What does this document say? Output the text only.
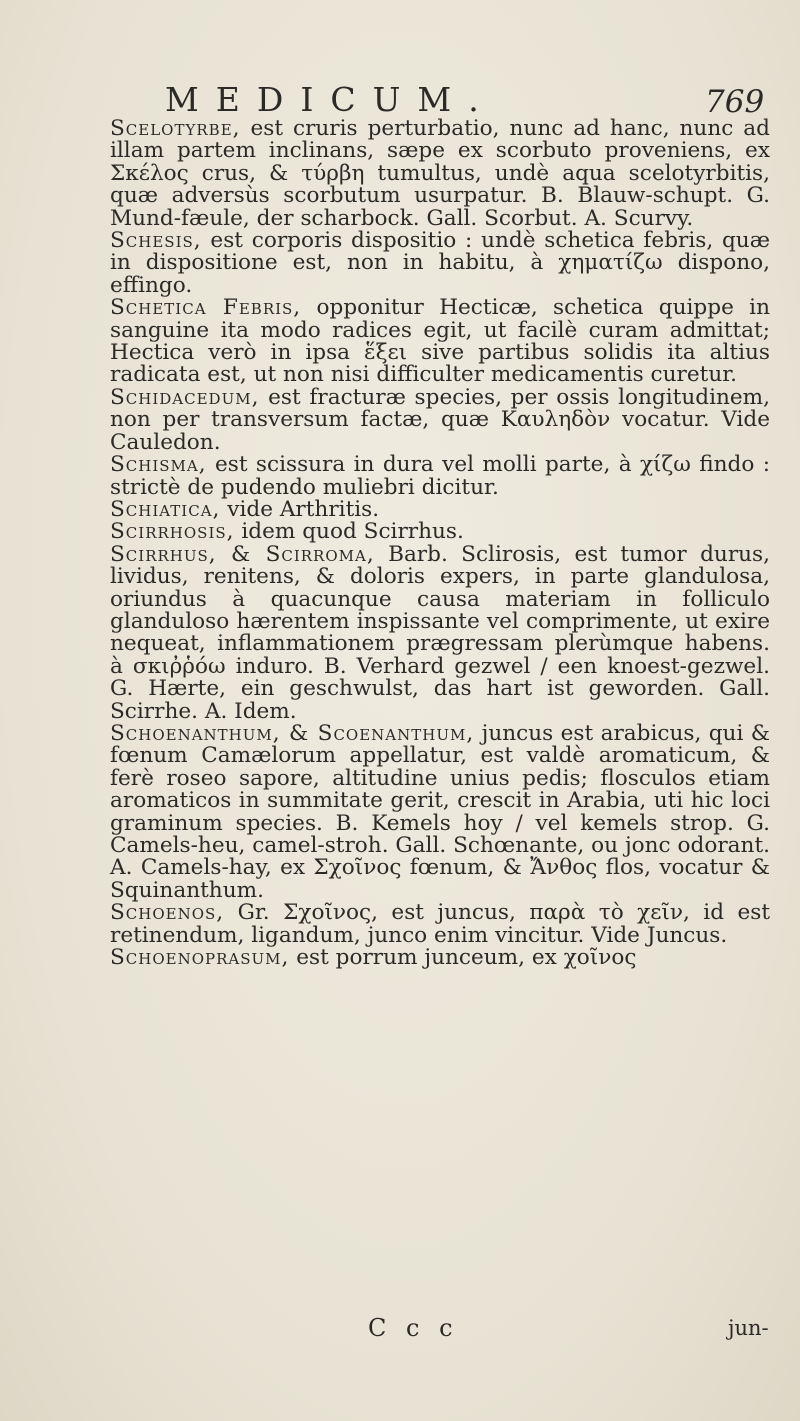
MEDICUM.	769

Scelotyrbe, est cruris perturbatio, nunc ad hanc, nunc ad illam partem inclinans, sæpe ex scorbuto proveniens, ex Σκέλος crus, & τύρβη tumultus, undè aqua scelotyrbitis, quæ adversùs scorbutum usurpatur. B. Blauw-schupt. G. Mund-fæule, der scharbock. Gall. Scorbut. A. Scurvy.

Schesis, est corporis dispositio : undè schetica febris, quæ in dispositione est, non in habitu, à χηματίζω dispono, effingo.

Schetica Febris, opponitur Hecticæ, schetica quippe in sanguine ita modo radices egit, ut facilè curam admittat; Hectica verò in ipsa ἕξει sive partibus solidis ita altius radicata est, ut non nisi difficulter medicamentis curetur.

Schidacedum, est fracturæ species, per ossis longitudinem, non per transversum factæ, quæ Καυληδὸν vocatur. Vide Cauledon.

Schisma, est scissura in dura vel molli parte, à χίζω findo : strictè de pudendo muliebri dicitur.

Schiatica, vide Arthritis.

Scirrhosis, idem quod Scirrhus.

Scirrhus, & Scirroma, Barb. Sclirosis, est tumor durus, lividus, renitens, & doloris expers, in parte glandulosa, oriundus à quacunque causa materiam in folliculo glanduloso hærentem inspissante vel comprimente, ut exire nequeat, inflammationem prægressam plerùmque habens. à σκιῤῥόω induro. B. Verhard gezwel / een knoest-gezwel. G. Hærte, ein geschwulst, das hart ist geworden. Gall. Scirrhe. A. Idem.

Schoenanthum, & Scoenanthum, juncus est arabicus, qui & fœnum Camælorum appellatur, est valdè aromaticum, & ferè roseo sapore, altitudine unius pedis; flosculos etiam aromaticos in summitate gerit, crescit in Arabia, uti hic loci graminum species. B. Kemels hoy / vel kemels strop. G. Camels-heu, camel-stroh. Gall. Schœnante, ou jonc odorant. A. Camels-hay, ex Σχοῖνος fœnum, & Ἄνθος flos, vocatur & Squinanthum.

Schoenos, Gr. Σχοῖνος, est juncus, παρὰ τὸ χεῖν, id est retinendum, ligandum, junco enim vincitur. Vide Juncus.

Schoenoprasum, est porrum junceum, ex χοῖνος

C c c	jun-
